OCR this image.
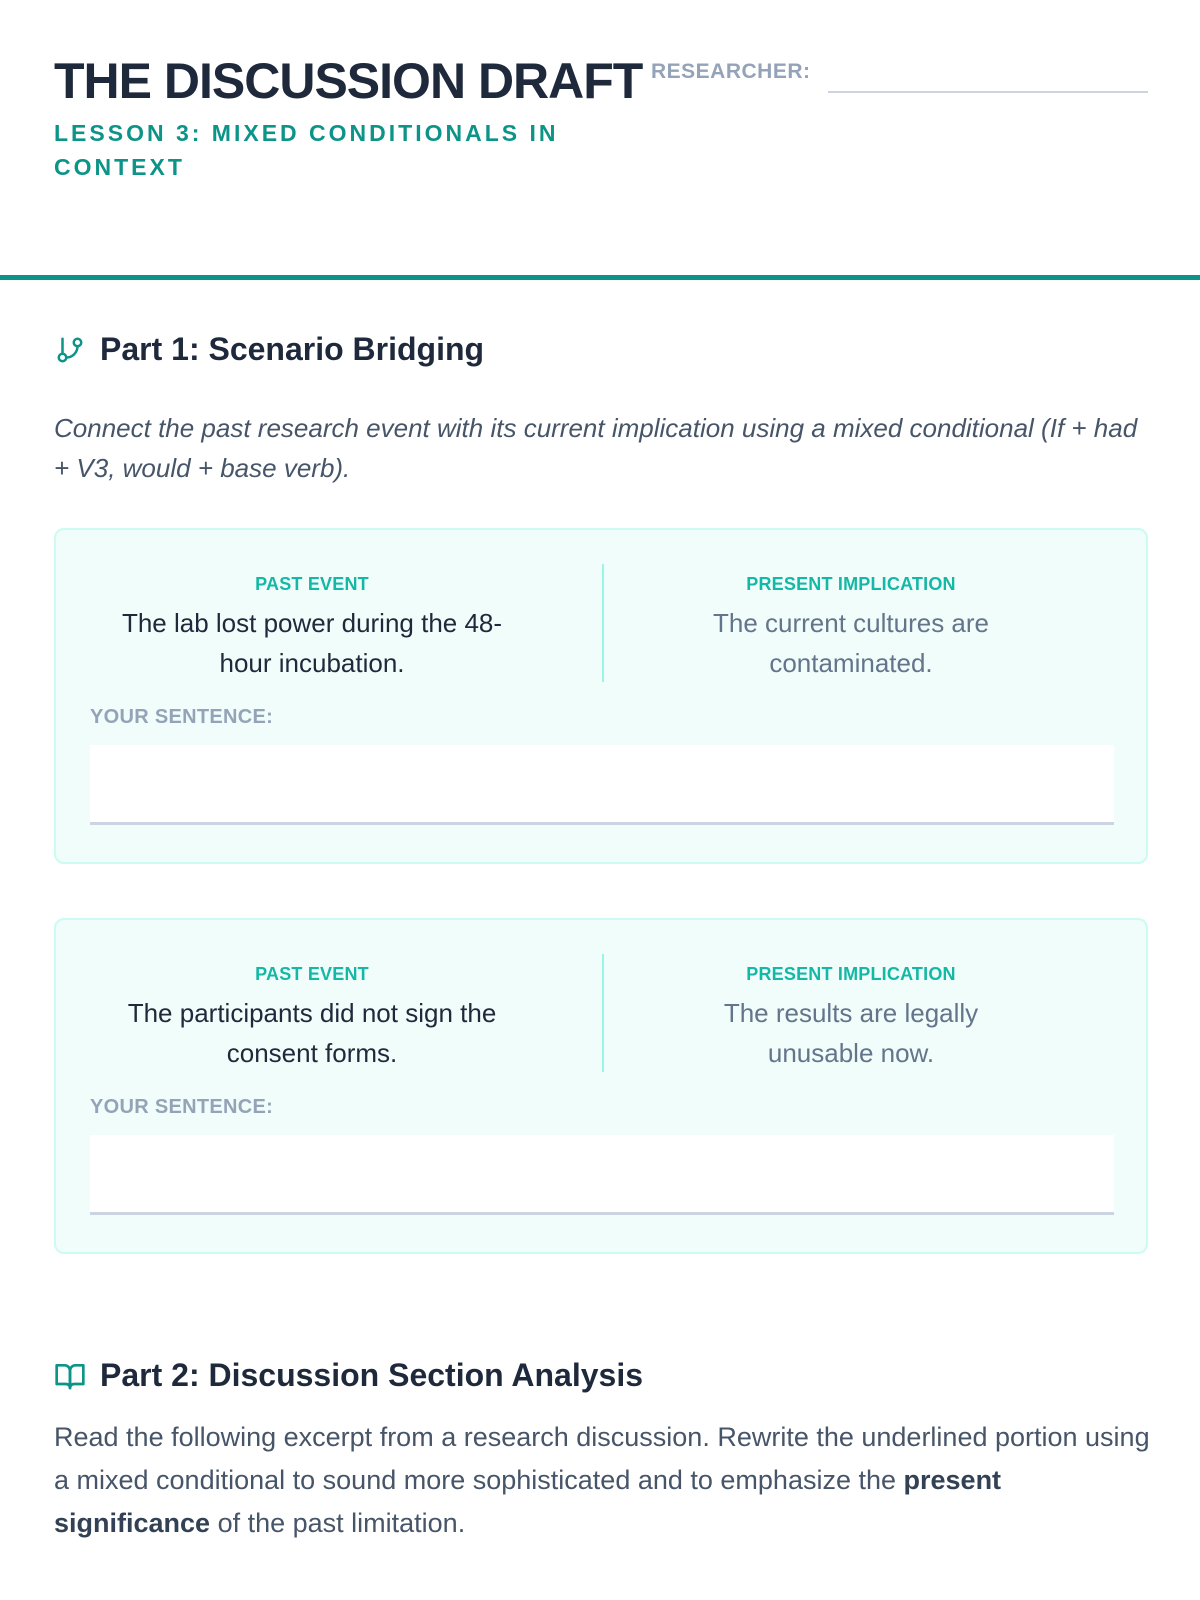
THE DISCUSSION DRAFT
LESSON 3: MIXED CONDITIONALS IN CONTEXT
RESEARCHER:
Part 1: Scenario Bridging

Connect the past research event with its current implication using a mixed conditional (If + had + V3, would + base verb).

PAST EVENT
The lab lost power during the 48-hour incubation.
PRESENT IMPLICATION
The current cultures are contaminated.
YOUR SENTENCE:
PAST EVENT
The participants did not sign the consent forms.
PRESENT IMPLICATION
The results are legally unusable now.
YOUR SENTENCE:
Part 2: Discussion Section Analysis

Read the following excerpt from a research discussion. Rewrite the underlined portion using a mixed conditional to sound more sophisticated and to emphasize the present significance of the past limitation.
